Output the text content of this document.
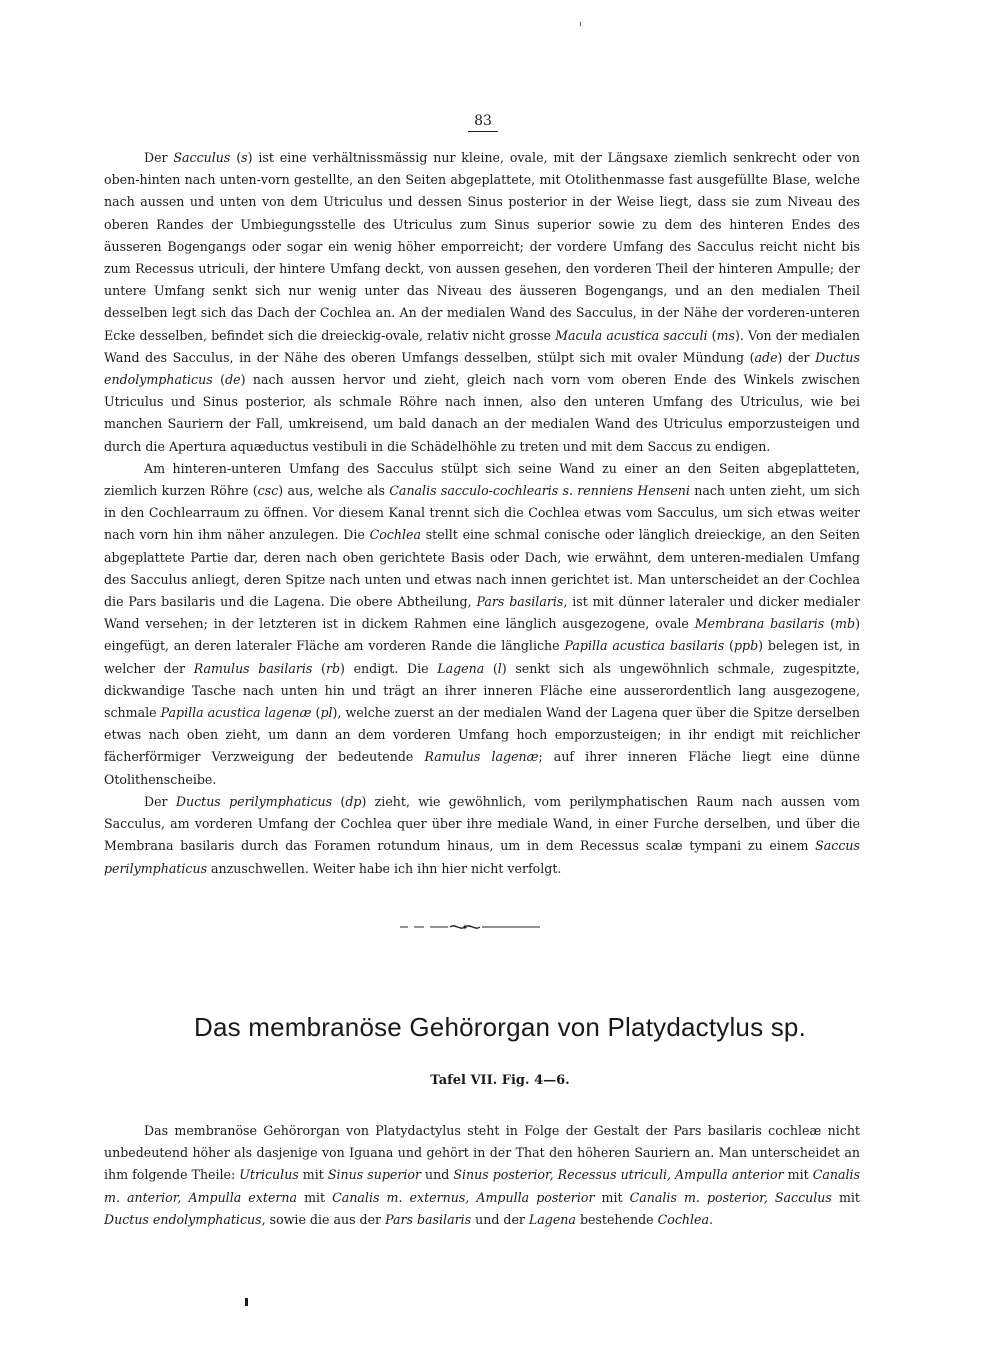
83

Der Sacculus (s) ist eine verhältnissmässig nur kleine, ovale, mit der Längsaxe ziemlich senkrecht oder von oben-hinten nach unten-vorn gestellte, an den Seiten abgeplattete, mit Otolithenmasse fast ausgefüllte Blase, welche nach aussen und unten von dem Utriculus und dessen Sinus posterior in der Weise liegt, dass sie zum Niveau des oberen Randes der Umbiegungsstelle des Utriculus zum Sinus superior sowie zu dem des hinteren Endes des äusseren Bogengangs oder sogar ein wenig höher emporreicht; der vordere Umfang des Sacculus reicht nicht bis zum Recessus utriculi, der hintere Umfang deckt, von aussen gesehen, den vorderen Theil der hinteren Ampulle; der untere Umfang senkt sich nur wenig unter das Niveau des äusseren Bogengangs, und an den medialen Theil desselben legt sich das Dach der Cochlea an. An der medialen Wand des Sacculus, in der Nähe der vorderen-unteren Ecke desselben, befindet sich die dreieckig-ovale, relativ nicht grosse Macula acustica sacculi (ms). Von der medialen Wand des Sacculus, in der Nähe des oberen Umfangs desselben, stülpt sich mit ovaler Mündung (ade) der Ductus endolymphaticus (de) nach aussen hervor und zieht, gleich nach vorn vom oberen Ende des Winkels zwischen Utriculus und Sinus posterior, als schmale Röhre nach innen, also den unteren Umfang des Utriculus, wie bei manchen Sauriern der Fall, umkreisend, um bald danach an der medialen Wand des Utriculus emporzusteigen und durch die Apertura aquæductus vestibuli in die Schädelhöhle zu treten und mit dem Saccus zu endigen.

Am hinteren-unteren Umfang des Sacculus stülpt sich seine Wand zu einer an den Seiten abgeplatteten, ziemlich kurzen Röhre (csc) aus, welche als Canalis sacculo-cochlearis s. renniens Henseni nach unten zieht, um sich in den Cochlearraum zu öffnen. Vor diesem Kanal trennt sich die Cochlea etwas vom Sacculus, um sich etwas weiter nach vorn hin ihm näher anzulegen. Die Cochlea stellt eine schmal conische oder länglich dreieckige, an den Seiten abgeplattete Partie dar, deren nach oben gerichtete Basis oder Dach, wie erwähnt, dem unteren-medialen Umfang des Sacculus anliegt, deren Spitze nach unten und etwas nach innen gerichtet ist. Man unterscheidet an der Cochlea die Pars basilaris und die Lagena. Die obere Abtheilung, Pars basilaris, ist mit dünner lateraler und dicker medialer Wand versehen; in der letzteren ist in dickem Rahmen eine länglich ausgezogene, ovale Membrana basilaris (mb) eingefügt, an deren lateraler Fläche am vorderen Rande die längliche Papilla acustica basilaris (ppb) belegen ist, in welcher der Ramulus basilaris (rb) endigt. Die Lagena (l) senkt sich als ungewöhnlich schmale, zugespitzte, dickwandige Tasche nach unten hin und trägt an ihrer inneren Fläche eine ausserordentlich lang ausgezogene, schmale Papilla acustica lagenæ (pl), welche zuerst an der medialen Wand der Lagena quer über die Spitze derselben etwas nach oben zieht, um dann an dem vorderen Umfang hoch emporzusteigen; in ihr endigt mit reichlicher fächerförmiger Verzweigung der bedeutende Ramulus lagenæ; auf ihrer inneren Fläche liegt eine dünne Otolithenscheibe.

Der Ductus perilymphaticus (dp) zieht, wie gewöhnlich, vom perilymphatischen Raum nach aussen vom Sacculus, am vorderen Umfang der Cochlea quer über ihre mediale Wand, in einer Furche derselben, und über die Membrana basilaris durch das Foramen rotundum hinaus, um in dem Recessus scalæ tympani zu einem Saccus perilymphaticus anzuschwellen. Weiter habe ich ihn hier nicht verfolgt.

Das membranöse Gehörorgan von Platydactylus sp.
Tafel VII. Fig. 4—6.

Das membranöse Gehörorgan von Platydactylus steht in Folge der Gestalt der Pars basilaris cochleæ nicht unbedeutend höher als dasjenige von Iguana und gehört in der That den höheren Sauriern an. Man unterscheidet an ihm folgende Theile: Utriculus mit Sinus superior und Sinus posterior, Recessus utriculi, Ampulla anterior mit Canalis m. anterior, Ampulla externa mit Canalis m. externus, Ampulla posterior mit Canalis m. posterior, Sacculus mit Ductus endolymphaticus, sowie die aus der Pars basilaris und der Lagena bestehende Cochlea.
